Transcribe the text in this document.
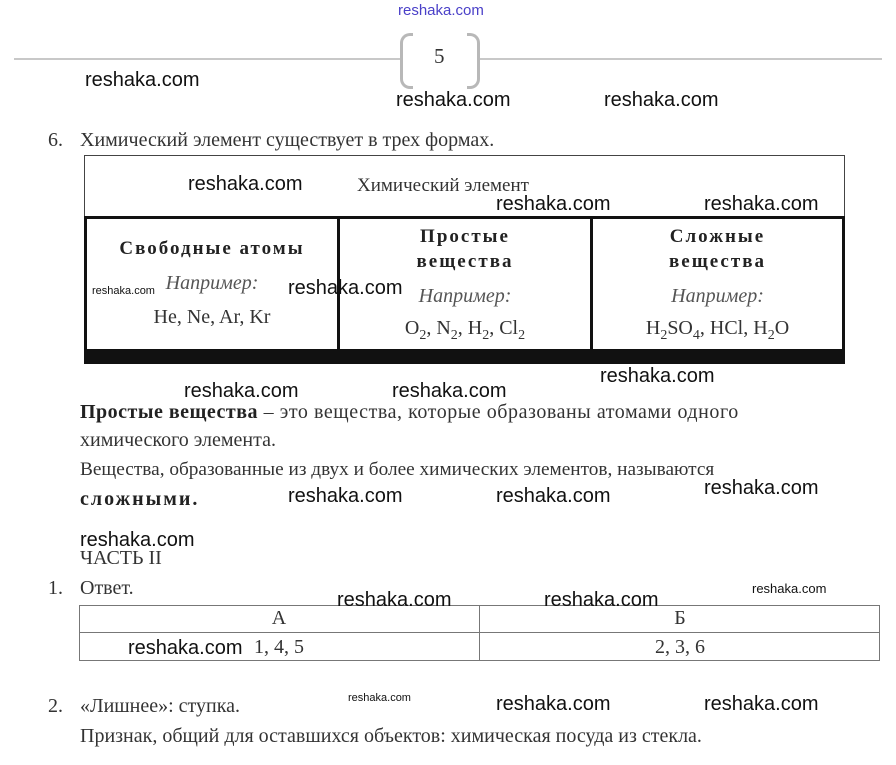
reshaka.com
5
6. Химический элемент существует в трех формах.
Химический элемент
Свободные атомы
Например:
He, Ne, Ar, Kr
Простые
вещества
Например:
$O_2$, $N_2$, $H_2$, $Cl_2$
Сложные
вещества
Например:
$H_2SO_4$, HCl, $H_2O$
Простые вещества – это вещества, которые образованы атомами одного
химического элемента.
Вещества, образованные из двух и более химических элементов, называются
сложными.
ЧАСТЬ II
1. Ответ.
А	Б
1, 4, 5	2, 3, 6
2. «Лишнее»: ступка.
Признак, общий для оставшихся объектов: химическая посуда из стекла.
reshaka.com
reshaka.com	reshaka.com
reshaka.com
reshaka.com	reshaka.com
reshaka.com	reshaka.com
reshaka.com
reshaka.com	reshaka.com
reshaka.com
reshaka.com	reshaka.com
reshaka.com
reshaka.com
reshaka.com	reshaka.com
reshaka.com
reshaka.com	reshaka.com	reshaka.com
